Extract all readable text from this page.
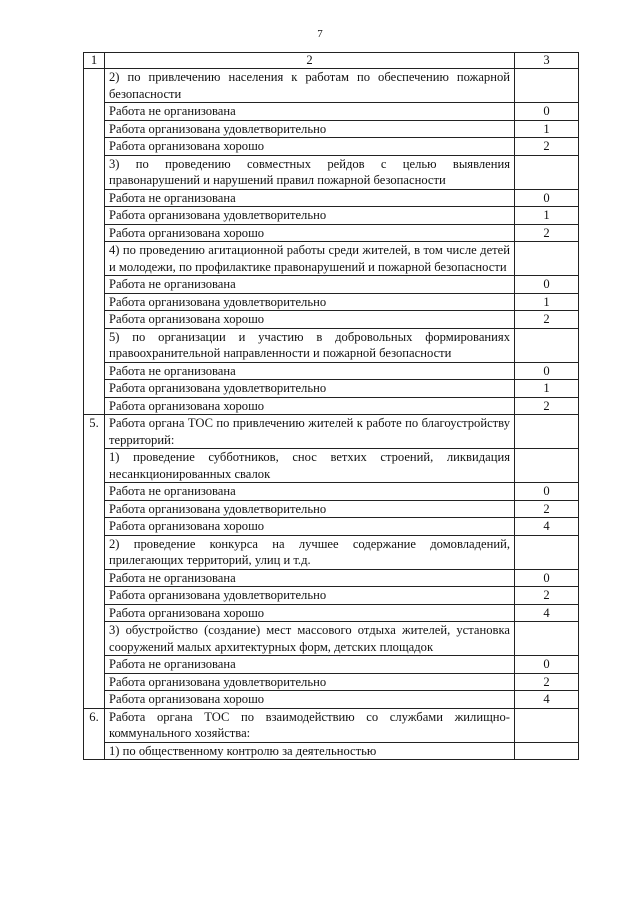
7
1	2	3
	2) по привлечению населения к работам по обеспечению пожарной безопасности	
	Работа не организована	0
	Работа организована удовлетворительно	1
	Работа организована хорошо	2
	3) по проведению совместных рейдов с целью выявления правонарушений и нарушений правил пожарной безопасности	
	Работа не организована	0
	Работа организована удовлетворительно	1
	Работа организована хорошо	2
	4) по проведению агитационной работы среди жителей, в том числе детей и молодежи, по профилактике правонарушений и пожарной безопасности	
	Работа не организована	0
	Работа организована удовлетворительно	1
	Работа организована хорошо	2
	5) по организации и участию в добровольных формированиях правоохранительной направленности и пожарной безопасности	
	Работа не организована	0
	Работа организована удовлетворительно	1
	Работа организована хорошо	2
5.	Работа органа ТОС по привлечению жителей к работе по благоустройству территорий:	
	1) проведение субботников, снос ветхих строений, ликвидация несанкционированных свалок	
	Работа не организована	0
	Работа организована удовлетворительно	2
	Работа организована хорошо	4
	2) проведение конкурса на лучшее содержание домовладений, прилегающих территорий, улиц и т.д.	
	Работа не организована	0
	Работа организована удовлетворительно	2
	Работа организована хорошо	4
	3) обустройство (создание) мест массового отдыха жителей, установка сооружений малых архитектурных форм, детских площадок	
	Работа не организована	0
	Работа организована удовлетворительно	2
	Работа организована хорошо	4
6.	Работа органа ТОС по взаимодействию со службами жилищно-коммунального хозяйства:	
	1) по общественному контролю за деятельностью	
